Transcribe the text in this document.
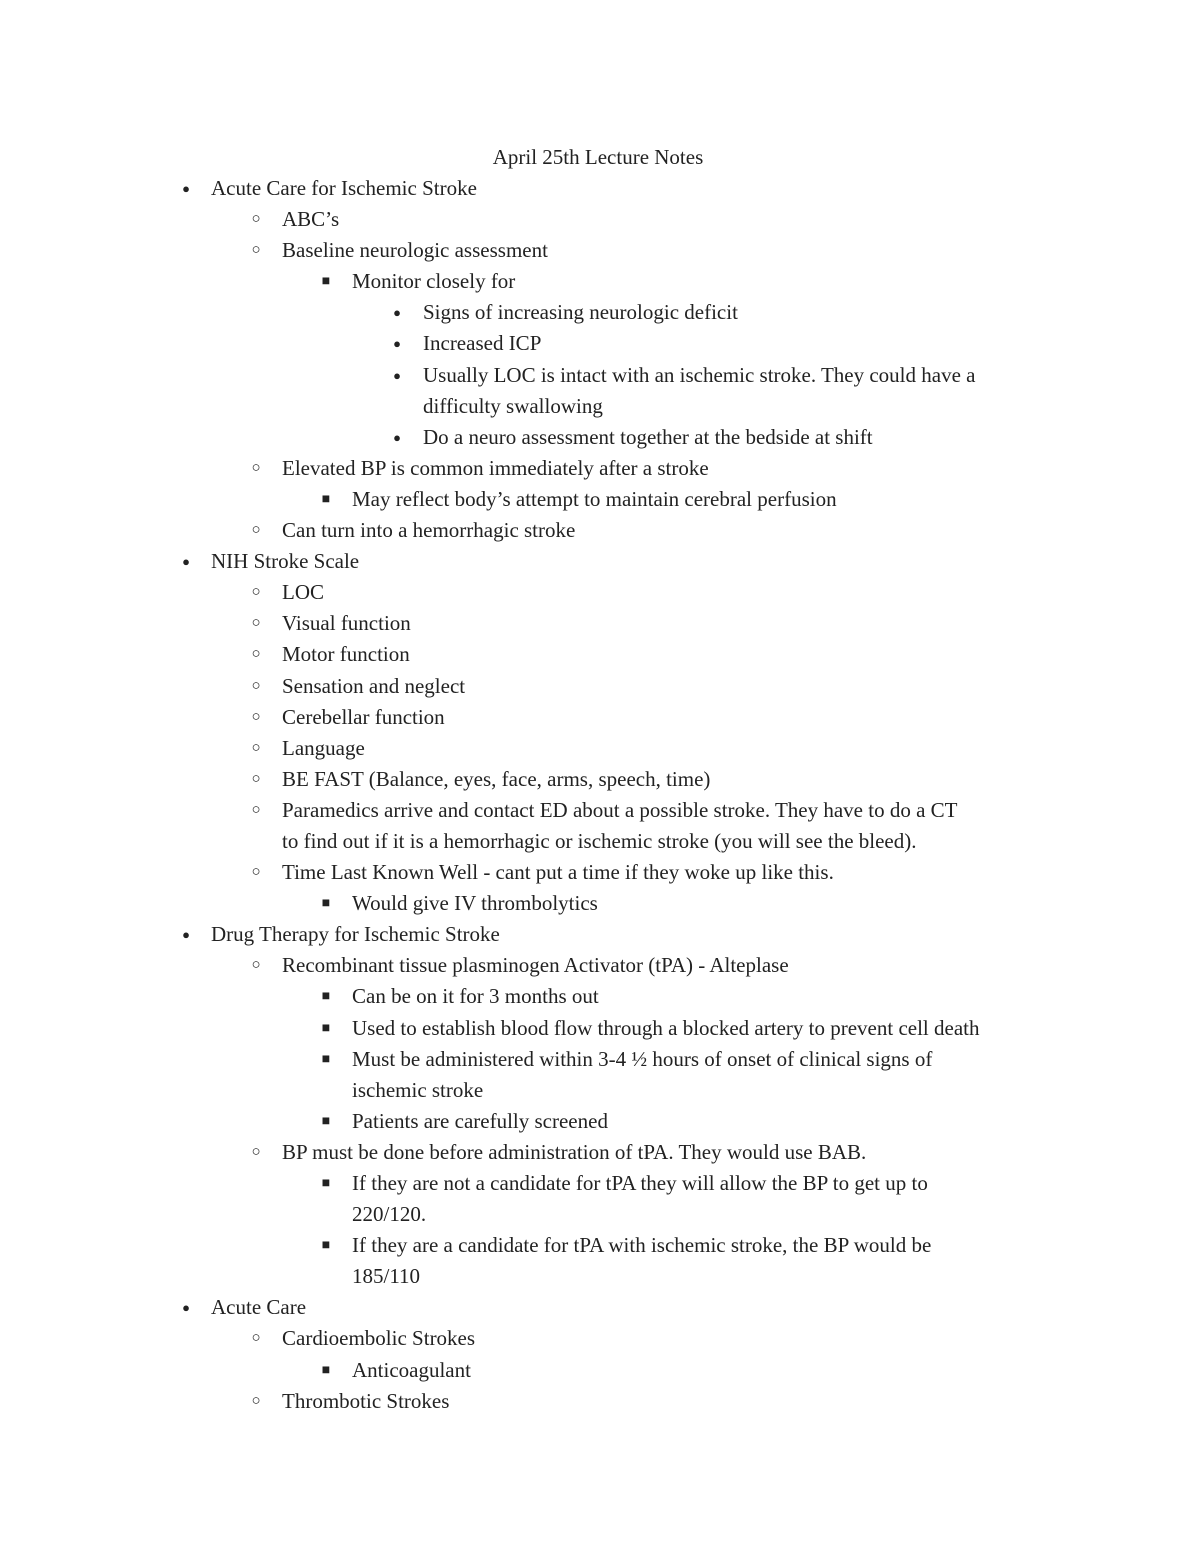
April 25th Lecture Notes
● Acute Care for Ischemic Stroke
○ ABC’s
○ Baseline neurologic assessment
■ Monitor closely for
● Signs of increasing neurologic deficit
● Increased ICP
● Usually LOC is intact with an ischemic stroke. They could have a
difficulty swallowing
● Do a neuro assessment together at the bedside at shift
○ Elevated BP is common immediately after a stroke
■ May reflect body’s attempt to maintain cerebral perfusion
○ Can turn into a hemorrhagic stroke
● NIH Stroke Scale
○ LOC
○ Visual function
○ Motor function
○ Sensation and neglect
○ Cerebellar function
○ Language
○ BE FAST (Balance, eyes, face, arms, speech, time)
○ Paramedics arrive and contact ED about a possible stroke. They have to do a CT
to find out if it is a hemorrhagic or ischemic stroke (you will see the bleed).
○ Time Last Known Well - cant put a time if they woke up like this.
■ Would give IV thrombolytics
● Drug Therapy for Ischemic Stroke
○ Recombinant tissue plasminogen Activator (tPA) - Alteplase
■ Can be on it for 3 months out
■ Used to establish blood flow through a blocked artery to prevent cell death
■ Must be administered within 3-4 ½ hours of onset of clinical signs of
ischemic stroke
■ Patients are carefully screened
○ BP must be done before administration of tPA. They would use BAB.
■ If they are not a candidate for tPA they will allow the BP to get up to
220/120.
■ If they are a candidate for tPA with ischemic stroke, the BP would be
185/110
● Acute Care
○ Cardioembolic Strokes
■ Anticoagulant
○ Thrombotic Strokes
